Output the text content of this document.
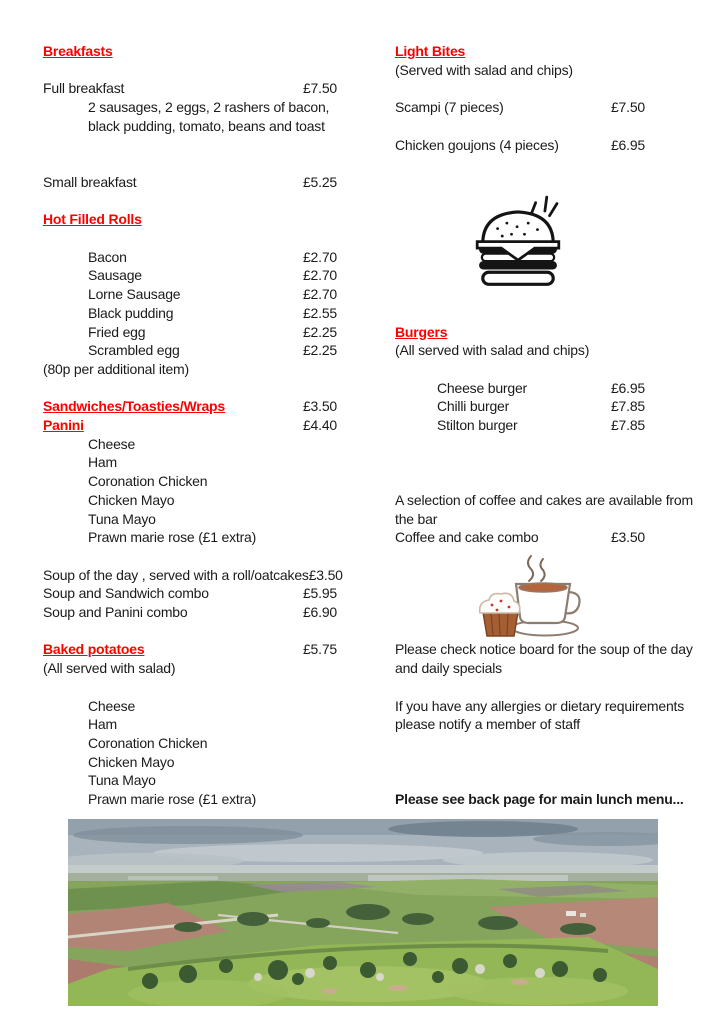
Breakfasts
Full breakfast	£7.50
2 sausages, 2 eggs, 2 rashers of bacon,
black pudding, tomato, beans and toast
Small breakfast	£5.25
Hot Filled Rolls
Bacon	£2.70
Sausage	£2.70
Lorne Sausage	£2.70
Black pudding	£2.55
Fried egg	£2.25
Scrambled egg	£2.25
(80p per additional item)
Sandwiches/Toasties/Wraps	£3.50
Panini	£4.40
Cheese
Ham
Coronation Chicken
Chicken Mayo
Tuna Mayo
Prawn marie rose (£1 extra)
Soup of the day , served with a roll/oatcakes £3.50
Soup and Sandwich combo	£5.95
Soup and Panini combo	£6.90
Baked potatoes	£5.75
(All served with salad)
Cheese
Ham
Coronation Chicken
Chicken Mayo
Tuna Mayo
Prawn marie rose (£1 extra)
Light Bites
(Served with salad and chips)
Scampi (7 pieces)	£7.50
Chicken goujons (4 pieces)	£6.95
Burgers
(All served with salad and chips)
Cheese burger	£6.95
Chilli burger	£7.85
Stilton burger	£7.85
A selection of coffee and cakes are available from
the bar
Coffee and cake combo	£3.50
Please check notice board for the soup of the day
and daily specials
If you have any allergies or dietary requirements
please notify a member of staff
Please see back page for main lunch menu...
